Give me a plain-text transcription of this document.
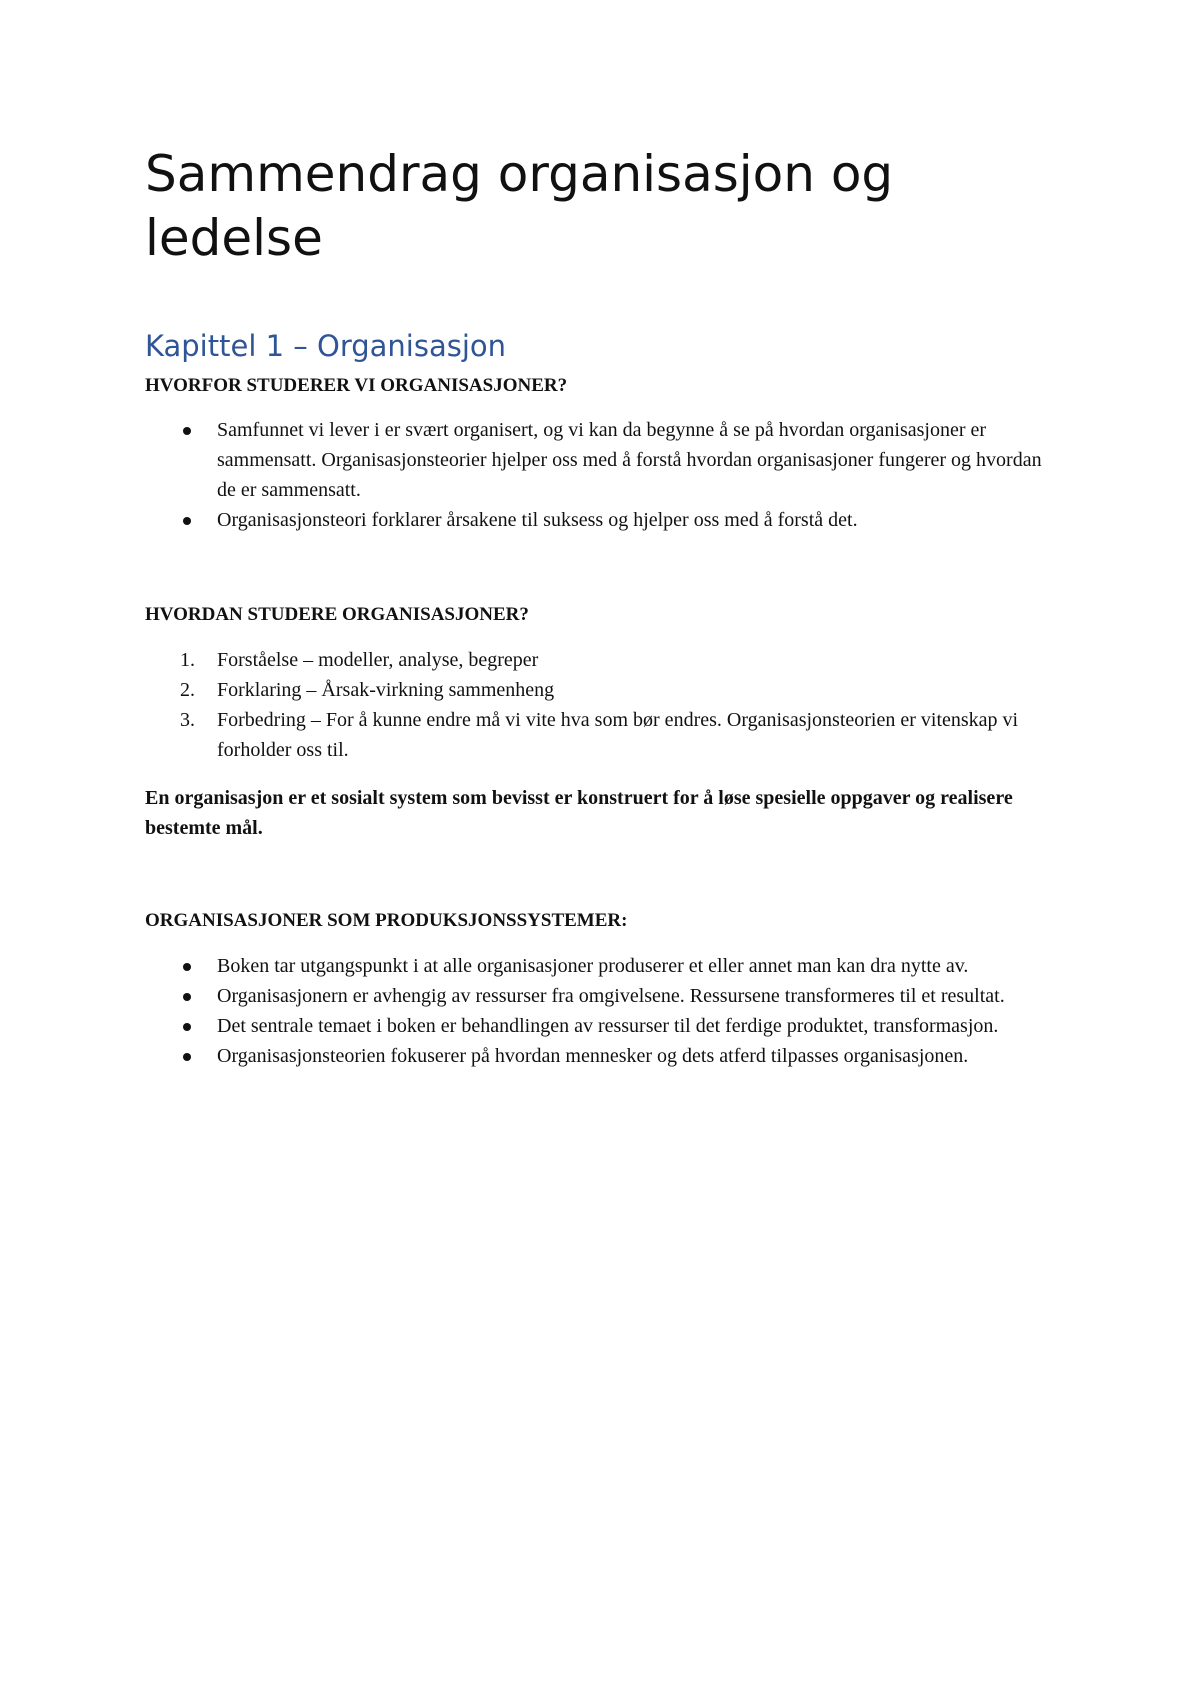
Sammendrag organisasjon og ledelse
Kapittel 1 – Organisasjon
HVORFOR STUDERER VI ORGANISASJONER?
Samfunnet vi lever i er svært organisert, og vi kan da begynne å se på hvordan organisasjoner er sammensatt. Organisasjonsteorier hjelper oss med å forstå hvordan organisasjoner fungerer og hvordan de er sammensatt.
Organisasjonsteori forklarer årsakene til suksess og hjelper oss med å forstå det.
HVORDAN STUDERE ORGANISASJONER?
1. Forståelse – modeller, analyse, begreper
2. Forklaring – Årsak-virkning sammenheng
3. Forbedring – For å kunne endre må vi vite hva som bør endres. Organisasjonsteorien er vitenskap vi forholder oss til.

En organisasjon er et sosialt system som bevisst er konstruert for å løse spesielle oppgaver og realisere bestemte mål.

ORGANISASJONER SOM PRODUKSJONSSYSTEMER:
Boken tar utgangspunkt i at alle organisasjoner produserer et eller annet man kan dra nytte av.
Organisasjonern er avhengig av ressurser fra omgivelsene. Ressursene transformeres til et resultat.
Det sentrale temaet i boken er behandlingen av ressurser til det ferdige produktet, transformasjon.
Organisasjonsteorien fokuserer på hvordan mennesker og dets atferd tilpasses organisasjonen.
